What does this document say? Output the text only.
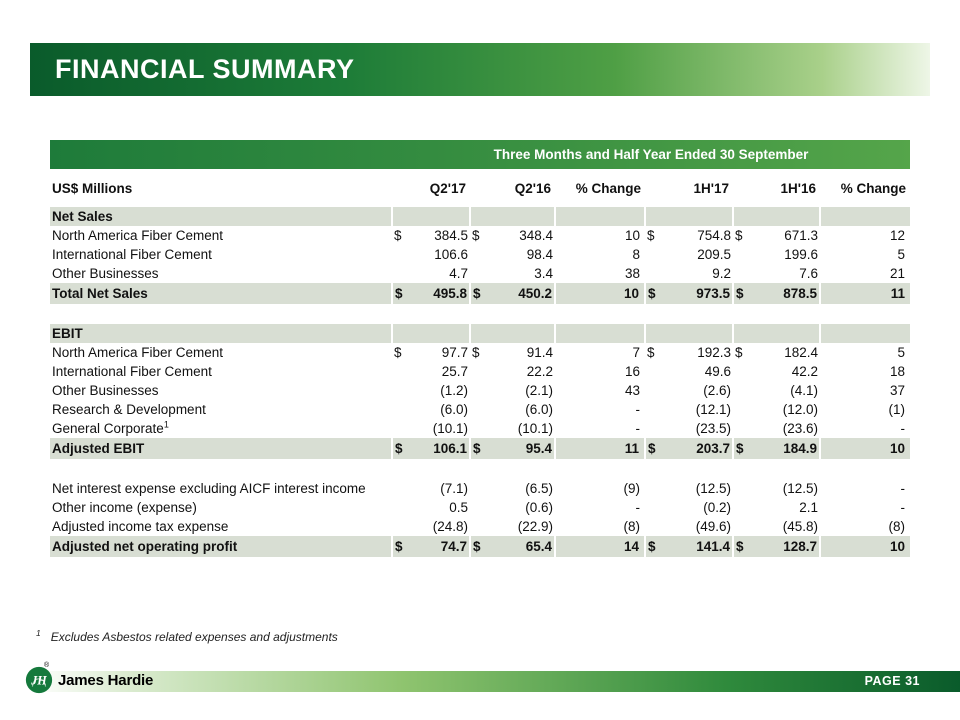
FINANCIAL SUMMARY
Three Months and Half Year Ended 30 September
US$ Millions	Q2'17		Q2'16		% Change	1H'17		1H'16		% Change
Net Sales										
North America Fiber Cement	$	384.5	$	348.4	10	$	754.8	$	671.3	12
International Fiber Cement		106.6		98.4	8		209.5		199.6	5
Other Businesses		4.7		3.4	38		9.2		7.6	21
Total Net Sales	$	495.8	$	450.2	10	$	973.5	$	878.5	11

EBIT										
North America Fiber Cement	$	97.7	$	91.4	7	$	192.3	$	182.4	5
International Fiber Cement		25.7		22.2	16		49.6		42.2	18
Other Businesses		(1.2)		(2.1)	43		(2.6)		(4.1)	37
Research & Development		(6.0)		(6.0)	-		(12.1)		(12.0)	(1)
General Corporate$^1$		(10.1)		(10.1)	-		(23.5)		(23.6)	-
Adjusted EBIT	$	106.1	$	95.4	11	$	203.7	$	184.9	10

Net interest expense excluding AICF interest income		(7.1)		(6.5)	(9)		(12.5)		(12.5)	-
Other income (expense)		0.5		(0.6)	-		(0.2)		2.1	-
Adjusted income tax expense		(24.8)		(22.9)	(8)		(49.6)		(45.8)	(8)
Adjusted net operating profit	$	74.7	$	65.4	14	$	141.4	$	128.7	10
$^1$ Excludes Asbestos related expenses and adjustments
PAGE 31
®
JH James Hardie
